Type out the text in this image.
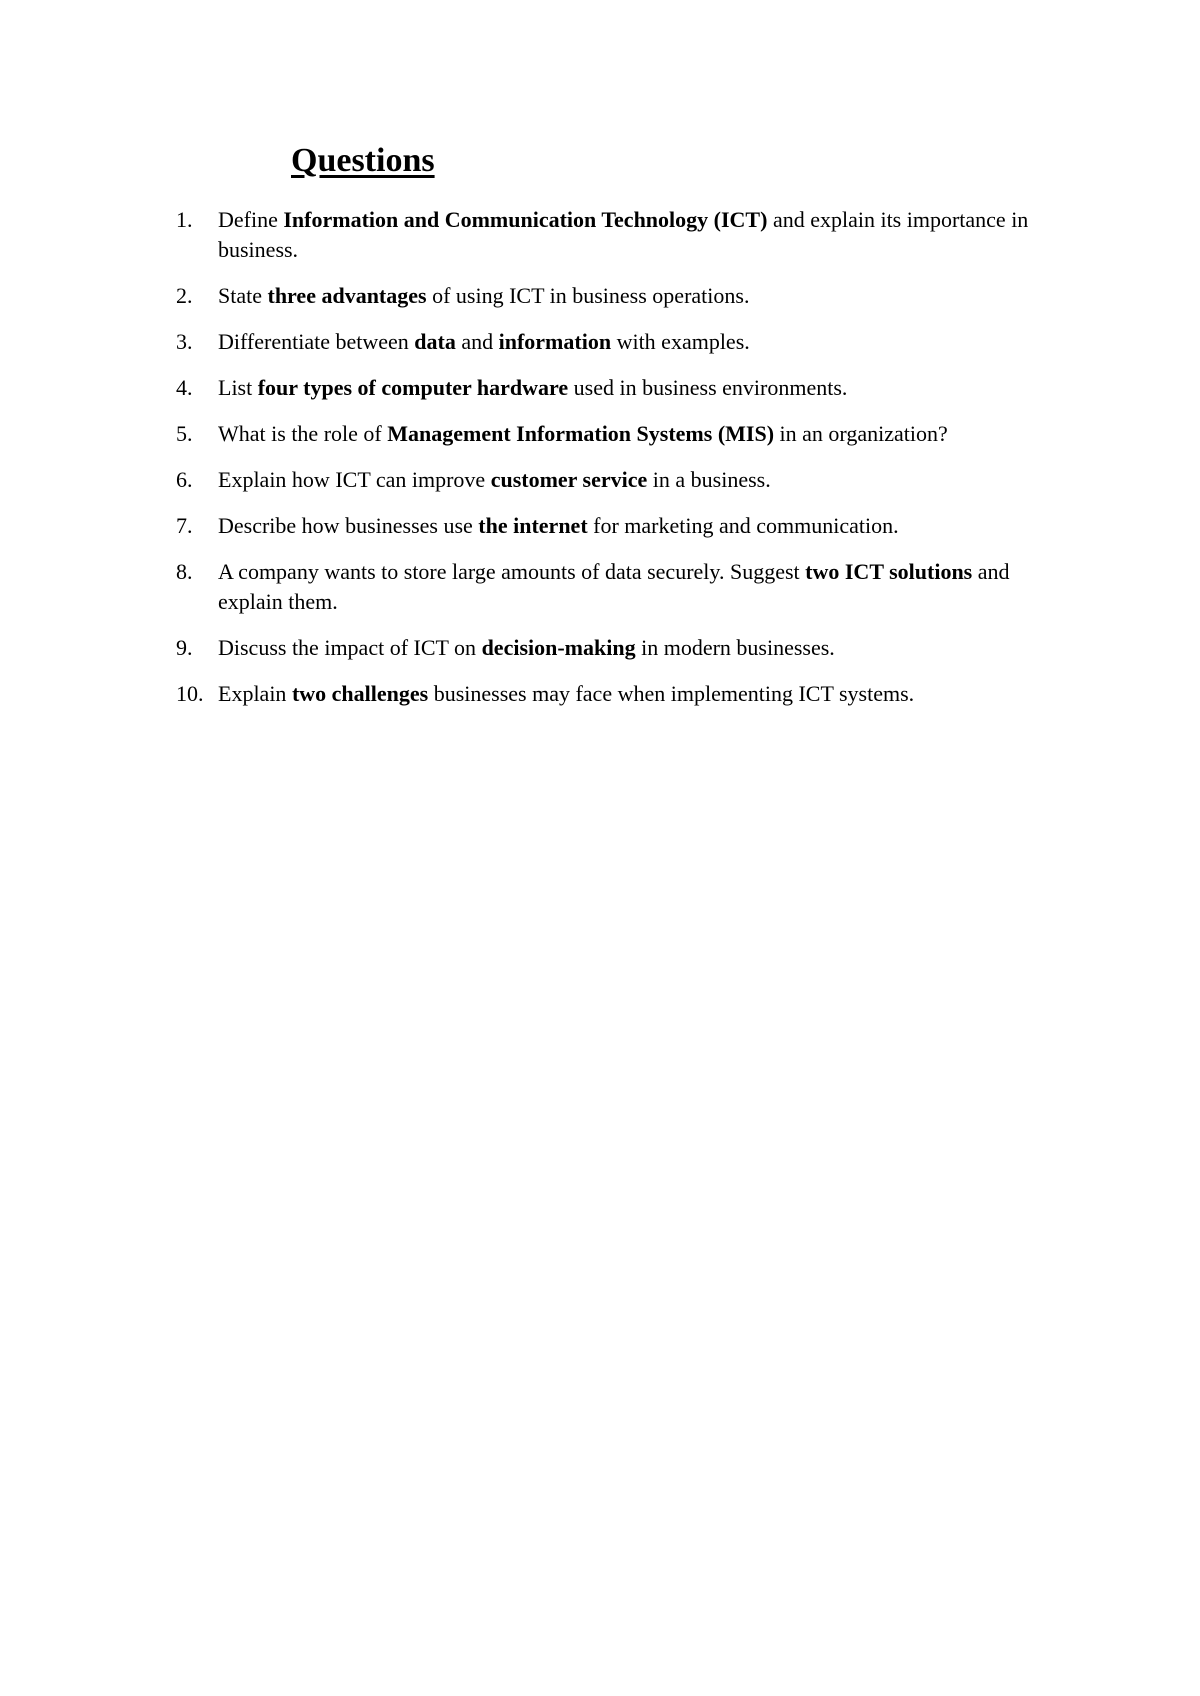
Questions
1.	Define Information and Communication Technology (ICT) and explain its importance in business.
2.	State three advantages of using ICT in business operations.
3.	Differentiate between data and information with examples.
4.	List four types of computer hardware used in business environments.
5.	What is the role of Management Information Systems (MIS) in an organization?
6.	Explain how ICT can improve customer service in a business.
7.	Describe how businesses use the internet for marketing and communication.
8.	A company wants to store large amounts of data securely. Suggest two ICT solutions and explain them.
9.	Discuss the impact of ICT on decision-making in modern businesses.
10. Explain two challenges businesses may face when implementing ICT systems.
